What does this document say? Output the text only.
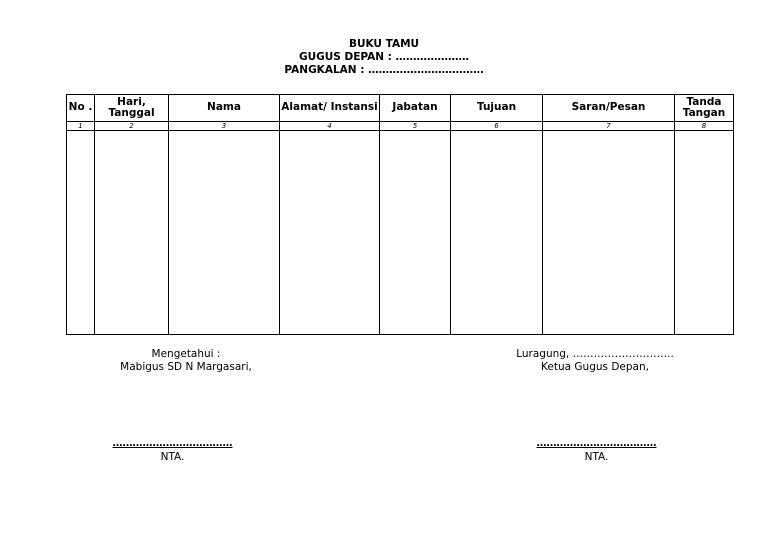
BUKU TAMU
GUGUS DEPAN : …………………
PANGKALAN : ……………………………
No .	Hari, Tanggal	Nama	Alamat/ Instansi	Jabatan	Tujuan	Saran/Pesan	Tanda Tangan
1	2	3	4	5	6	7	8

Mengetahui :
Mabigus SD N Margasari,
Luragung, ………………………..
Ketua Gugus Depan,
………………………………
NTA.
………………………………
NTA.
